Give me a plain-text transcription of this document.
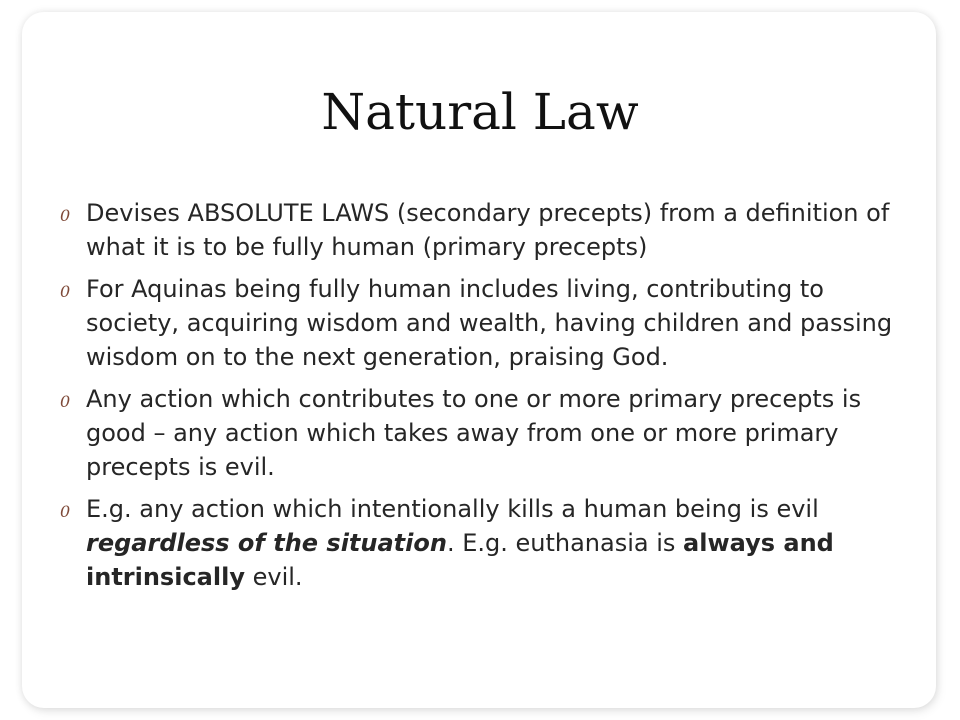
Natural Law
0 Devises ABSOLUTE LAWS (secondary precepts) from a definition of what it is to be fully human (primary precepts)
0 For Aquinas being fully human includes living, contributing to society, acquiring wisdom and wealth, having children and passing wisdom on to the next generation, praising God.
0 Any action which contributes to one or more primary precepts is good – any action which takes away from one or more primary precepts is evil.
0 E.g. any action which intentionally kills a human being is evil regardless of the situation. E.g. euthanasia is always and intrinsically evil.
